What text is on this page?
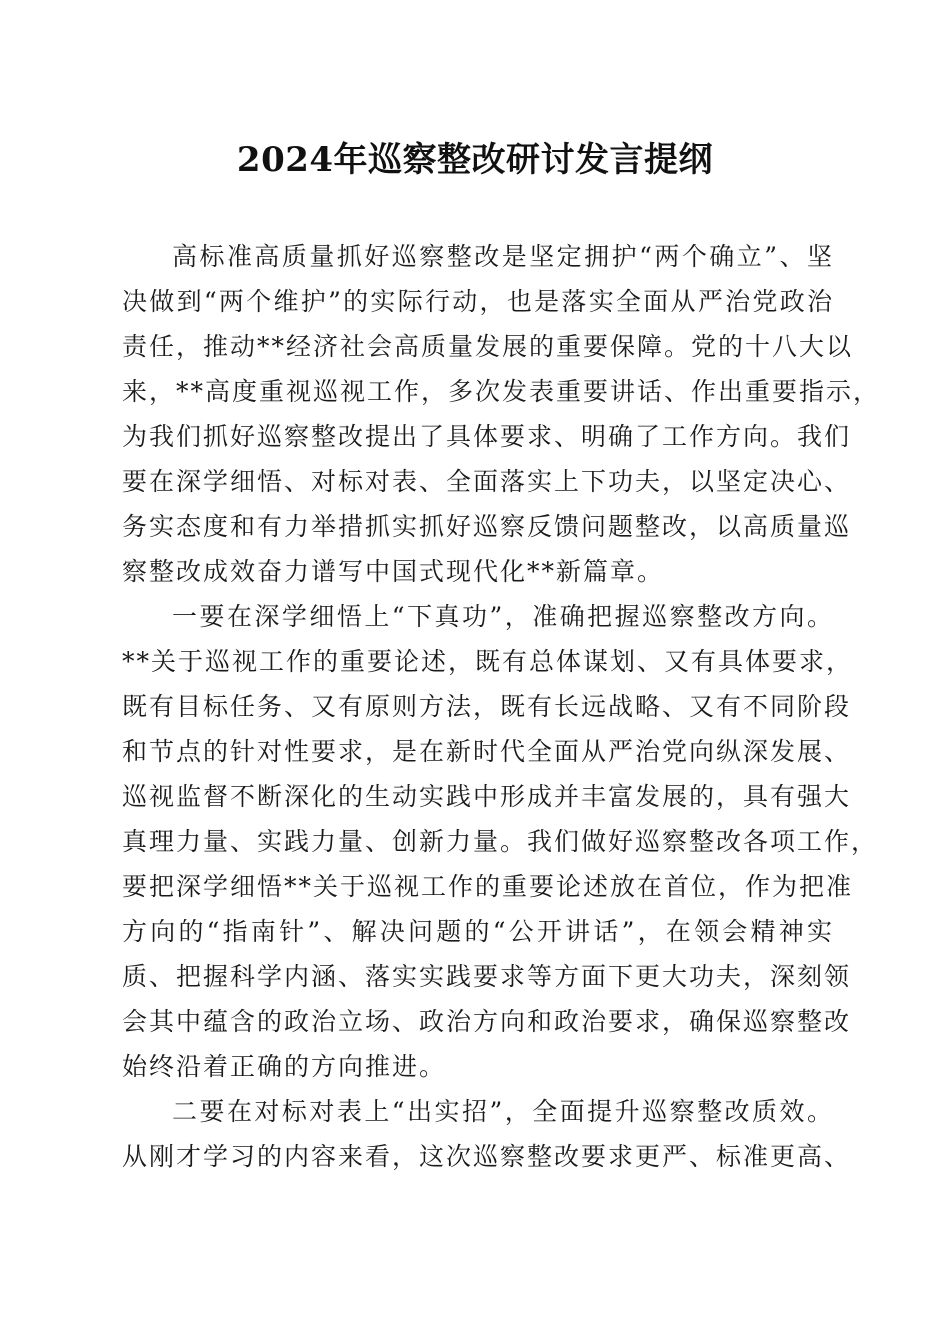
2024年巡察整改研讨发言提纲
高标准高质量抓好巡察整改是坚定拥护“两个确立”、坚
决做到“两个维护”的实际行动，也是落实全面从严治党政治
责任，推动**经济社会高质量发展的重要保障。党的十八大以
来，**高度重视巡视工作，多次发表重要讲话、作出重要指示，
为我们抓好巡察整改提出了具体要求、明确了工作方向。我们
要在深学细悟、对标对表、全面落实上下功夫，以坚定决心、
务实态度和有力举措抓实抓好巡察反馈问题整改，以高质量巡
察整改成效奋力谱写中国式现代化**新篇章。
一要在深学细悟上“下真功”，准确把握巡察整改方向。
**关于巡视工作的重要论述，既有总体谋划、又有具体要求，
既有目标任务、又有原则方法，既有长远战略、又有不同阶段
和节点的针对性要求，是在新时代全面从严治党向纵深发展、
巡视监督不断深化的生动实践中形成并丰富发展的，具有强大
真理力量、实践力量、创新力量。我们做好巡察整改各项工作，
要把深学细悟**关于巡视工作的重要论述放在首位，作为把准
方向的“指南针”、解决问题的“公开讲话”，在领会精神实
质、把握科学内涵、落实实践要求等方面下更大功夫，深刻领
会其中蕴含的政治立场、政治方向和政治要求，确保巡察整改
始终沿着正确的方向推进。
二要在对标对表上“出实招”，全面提升巡察整改质效。
从刚才学习的内容来看，这次巡察整改要求更严、标准更高、
